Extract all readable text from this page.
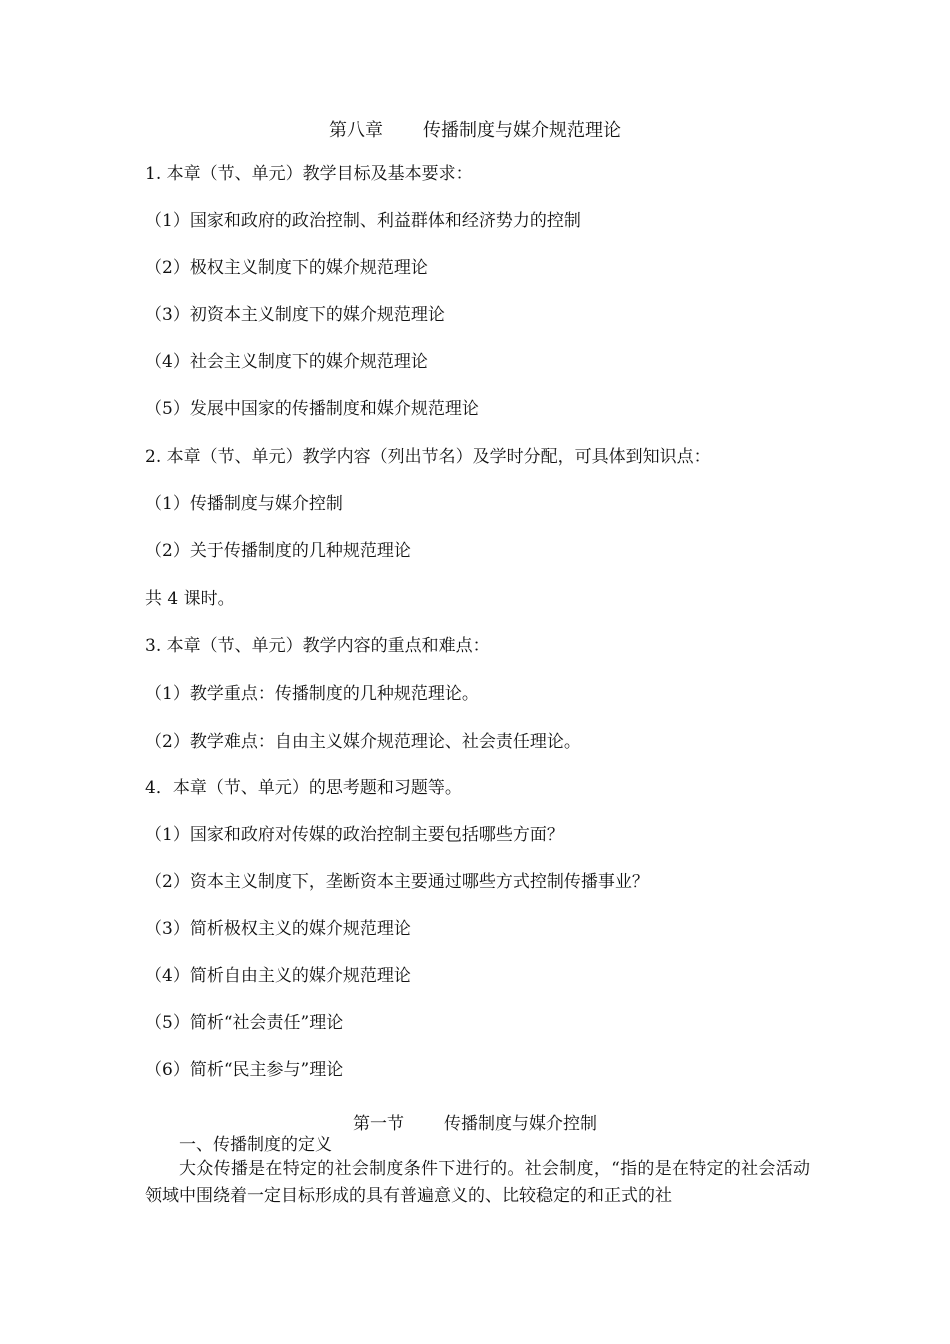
第八章 传播制度与媒介规范理论
1. 本章（节、单元）教学目标及基本要求：
（1）国家和政府的政治控制、利益群体和经济势力的控制
（2）极权主义制度下的媒介规范理论
（3）初资本主义制度下的媒介规范理论
（4）社会主义制度下的媒介规范理论
（5）发展中国家的传播制度和媒介规范理论
2. 本章（节、单元）教学内容（列出节名）及学时分配，可具体到知识点：
（1）传播制度与媒介控制
（2）关于传播制度的几种规范理论
共 4 课时。
3. 本章（节、单元）教学内容的重点和难点：
（1）教学重点：传播制度的几种规范理论。
（2）教学难点：自由主义媒介规范理论、社会责任理论。
4．本章（节、单元）的思考题和习题等。
（1）国家和政府对传媒的政治控制主要包括哪些方面？
（2）资本主义制度下，垄断资本主要通过哪些方式控制传播事业？
（3）简析极权主义的媒介规范理论
（4）简析自由主义的媒介规范理论
（5）简析“社会责任”理论
（6）简析“民主参与”理论
第一节 传播制度与媒介控制
一、传播制度的定义
大众传播是在特定的社会制度条件下进行的。社会制度，“指的是在特定的社会活动领域中围绕着一定目标形成的具有普遍意义的、比较稳定的和正式的社
